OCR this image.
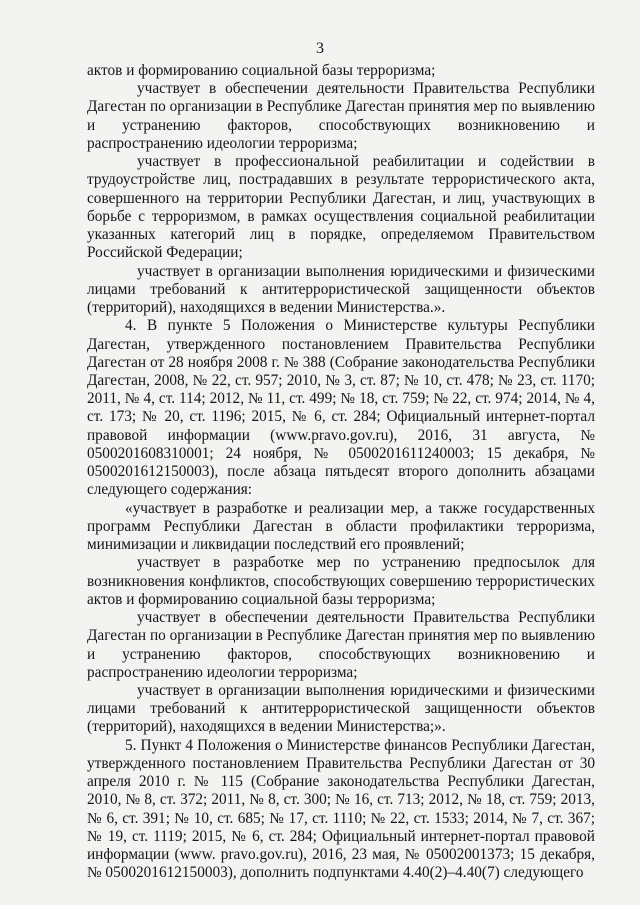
3

актов и формированию социальной базы терроризма;

участвует в обеспечении деятельности Правительства Республики Дагестан по организации в Республике Дагестан принятия мер по выявлению и устранению факторов, способствующих возникновению и распространению идеологии терроризма;

участвует в профессиональной реабилитации и содействии в трудоустройстве лиц, пострадавших в результате террористического акта, совершенного на территории Республики Дагестан, и лиц, участвующих в борьбе с терроризмом, в рамках осуществления социальной реабилитации указанных категорий лиц в порядке, определяемом Правительством Российской Федерации;

участвует в организации выполнения юридическими и физическими лицами требований к антитеррористической защищенности объектов (территорий), находящихся в ведении Министерства.».

4. В пункте 5 Положения о Министерстве культуры Республики Дагестан, утвержденного постановлением Правительства Республики Дагестан от 28 ноября 2008 г. № 388 (Собрание законодательства Республики Дагестан, 2008, № 22, ст. 957; 2010, № 3, ст. 87; № 10, ст. 478; № 23, ст. 1170; 2011, № 4, ст. 114; 2012, № 11, ст. 499; № 18, ст. 759; № 22, ст. 974; 2014, № 4, ст. 173; № 20, ст. 1196; 2015, № 6, ст. 284; Официальный интернет-портал правовой информации (www.pravo.gov.ru), 2016, 31 августа, № 0500201608310001; 24 ноября, № 0500201611240003; 15 декабря, № 0500201612150003), после абзаца пятьдесят второго дополнить абзацами следующего содержания:

«участвует в разработке и реализации мер, а также государственных программ Республики Дагестан в области профилактики терроризма, минимизации и ликвидации последствий его проявлений;

участвует в разработке мер по устранению предпосылок для возникновения конфликтов, способствующих совершению террористических актов и формированию социальной базы терроризма;

участвует в обеспечении деятельности Правительства Республики Дагестан по организации в Республике Дагестан принятия мер по выявлению и устранению факторов, способствующих возникновению и распространению идеологии терроризма;

участвует в организации выполнения юридическими и физическими лицами требований к антитеррористической защищенности объектов (территорий), находящихся в ведении Министерства;».

5. Пункт 4 Положения о Министерстве финансов Республики Дагестан, утвержденного постановлением Правительства Республики Дагестан от 30 апреля 2010 г. № 115 (Собрание законодательства Республики Дагестан, 2010, № 8, ст. 372; 2011, № 8, ст. 300; № 16, ст. 713; 2012, № 18, ст. 759; 2013, № 6, ст. 391; № 10, ст. 685; № 17, ст. 1110; № 22, ст. 1533; 2014, № 7, ст. 367; № 19, ст. 1119; 2015, № 6, ст. 284; Официальный интернет-портал правовой информации (www. pravo.gov.ru), 2016, 23 мая, № 05002001373; 15 декабря, № 0500201612150003), дополнить подпунктами 4.40(2)–4.40(7) следующего
